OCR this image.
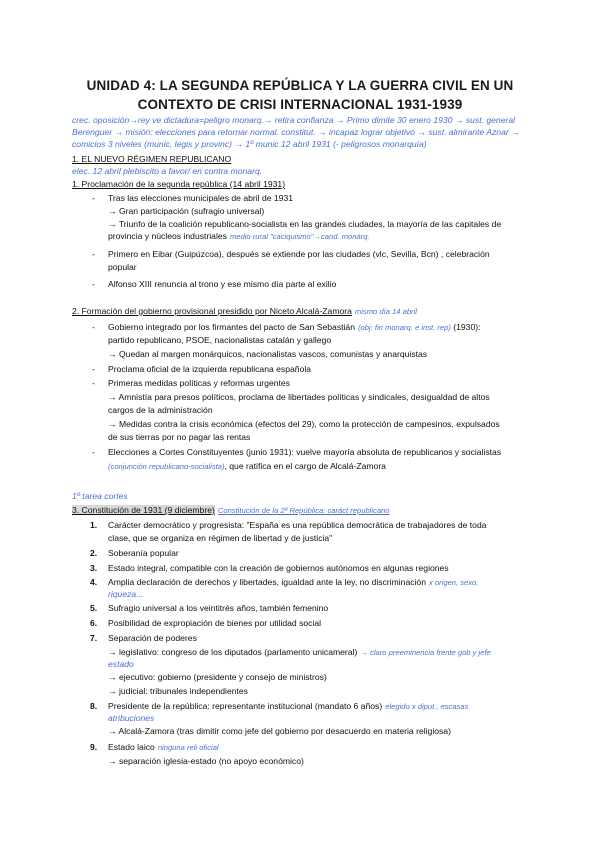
UNIDAD 4: LA SEGUNDA REPÚBLICA Y LA GUERRA CIVIL EN UN
CONTEXTO DE CRISI INTERNACIONAL 1931-1939
crec. oposición→rey ve dictadura=peligro monarq.→ retira confianza → Primo dimite 30 enero 1930 → sust. general
Berenguer → misión: elecciones para retornar normal. constitut. → incapaz lograr objetivo → sust. almirante Aznar →
comicios 3 niveles (munic, legis y provinc) → 1º munic 12 abril 1931 (- peligrosos monarquía)
1. EL NUEVO RÉGIMEN REPUBLICANO
elec. 12 abril plebiscito a favor/ en contra monarq.
1. Proclamación de la segunda república (14 abril 1931)
- Tras las elecciones municipales de abril de 1931
→ Gran participación (sufragio universal)
→ Triunfo de la coalición republicano-socialista en las grandes ciudades, la mayoría de las capitales de
provincia y núcleos industriales medio rural "caciquismo"→cand. monárq.
- Primero en Eibar (Guipúzcoa), después se extiende por las ciudades (vlc, Sevilla, Bcn) , celebración
popular
- Alfonso XIII renuncia al trono y ese mismo día parte al exilio
2. Formación del gobierno provisional presidido por Niceto Alcalá-Zamora mismo día 14 abril
- Gobierno integrado por los firmantes del pacto de San Sebastián (obj: fin monarq. e inst. rep) (1930):
partido republicano, PSOE, nacionalistas catalán y gallego
→ Quedan al margen monárquicos, nacionalistas vascos, comunistas y anarquistas
- Proclama oficial de la izquierda republicana española
- Primeras medidas políticas y reformas urgentes
→ Amnistía para presos políticos, proclama de libertades políticas y sindicales, desigualdad de altos
cargos de la administración
→ Medidas contra la crisis económica (efectos del 29), como la protección de campesinos, expulsados
de sus tierras por no pagar las rentas
- Elecciones a Cortes Constituyentes (junio 1931): vuelve mayoría absoluta de republicanos y socialistas
(conjunción republicano-socialista), que ratifica en el cargo de Alcalá-Zamora
1º tarea cortes
3. Constitución de 1931 (9 diciembre) Constitución de la 2ª República: caráct republicano
1. Carácter democrático y progresista: "España es una república democrática de trabajadores de toda
clase, que se organiza en régimen de libertad y de justicia"
2. Soberanía popular
3. Estado integral, compatible con la creación de gobiernos autónomos en algunas regiones
4. Amplia declaración de derechos y libertades, igualdad ante la ley, no discriminación x origen, sexo,
riqueza...
5. Sufragio universal a los veintitrés años, también femenino
6. Posibilidad de expropiación de bienes por utilidad social
7. Separación de poderes
→ legislativo: congreso de los diputados (parlamento unicameral) → claro preeminencia frente gob y jefe
estado
→ ejecutivo: gobierno (presidente y consejo de ministros)
→ judicial: tribunales independientes
8. Presidente de la república: representante institucional (mandato 6 años) elegido x diput., escasas
atribuciones
→ Alcalá-Zamora (tras dimitir como jefe del gobierno por desacuerdo en materia religiosa)
9. Estado laico ninguna reli oficial
→ separación iglesia-estado (no apoyo económico)
